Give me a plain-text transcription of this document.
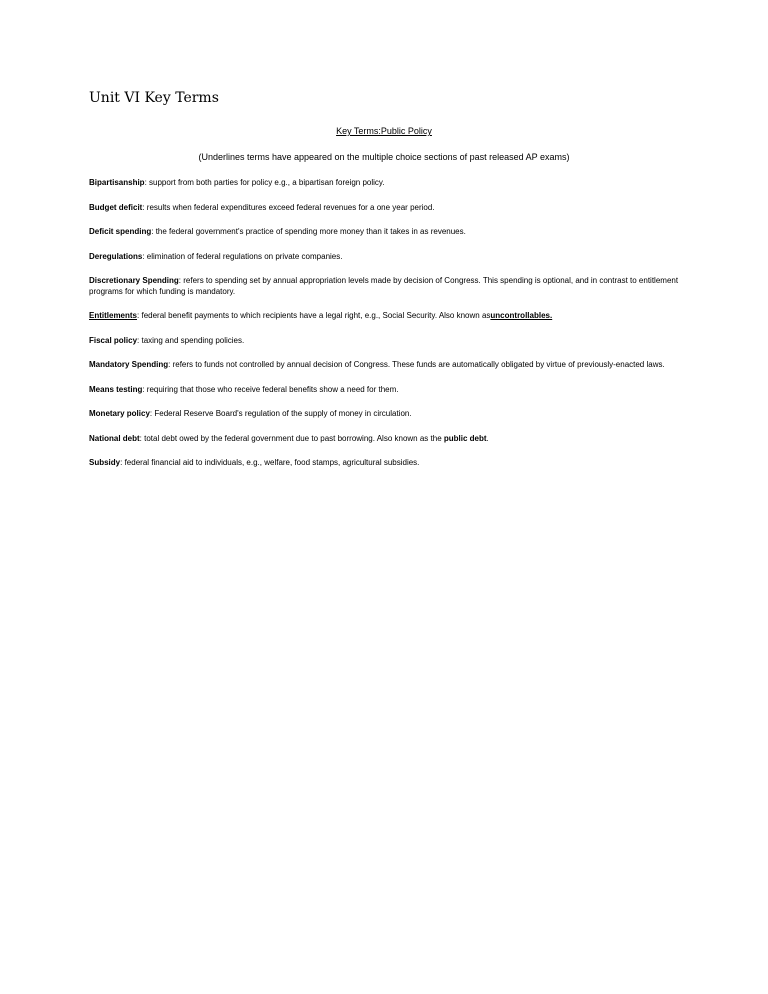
Unit VI Key Terms

Key Terms:Public Policy

(Underlines terms have appeared on the multiple choice sections of past released AP exams)

Bipartisanship: support from both parties for policy e.g., a bipartisan foreign policy.
Budget deficit: results when federal expenditures exceed federal revenues for a one year period.
Deficit spending: the federal government's practice of spending more money than it takes in as revenues.
Deregulations: elimination of federal regulations on private companies.
Discretionary Spending: refers to spending set by annual appropriation levels made by decision of Congress. This spending is optional, and in contrast to entitlement programs for which funding is mandatory.
Entitlements: federal benefit payments to which recipients have a legal right, e.g., Social Security. Also known asuncontrollables.
Fiscal policy: taxing and spending policies.
Mandatory Spending: refers to funds not controlled by annual decision of Congress. These funds are automatically obligated by virtue of previously-enacted laws.
Means testing: requiring that those who receive federal benefits show a need for them.
Monetary policy: Federal Reserve Board's regulation of the supply of money in circulation.
National debt: total debt owed by the federal government due to past borrowing. Also known as the public debt.
Subsidy: federal financial aid to individuals, e.g., welfare, food stamps, agricultural subsidies.
